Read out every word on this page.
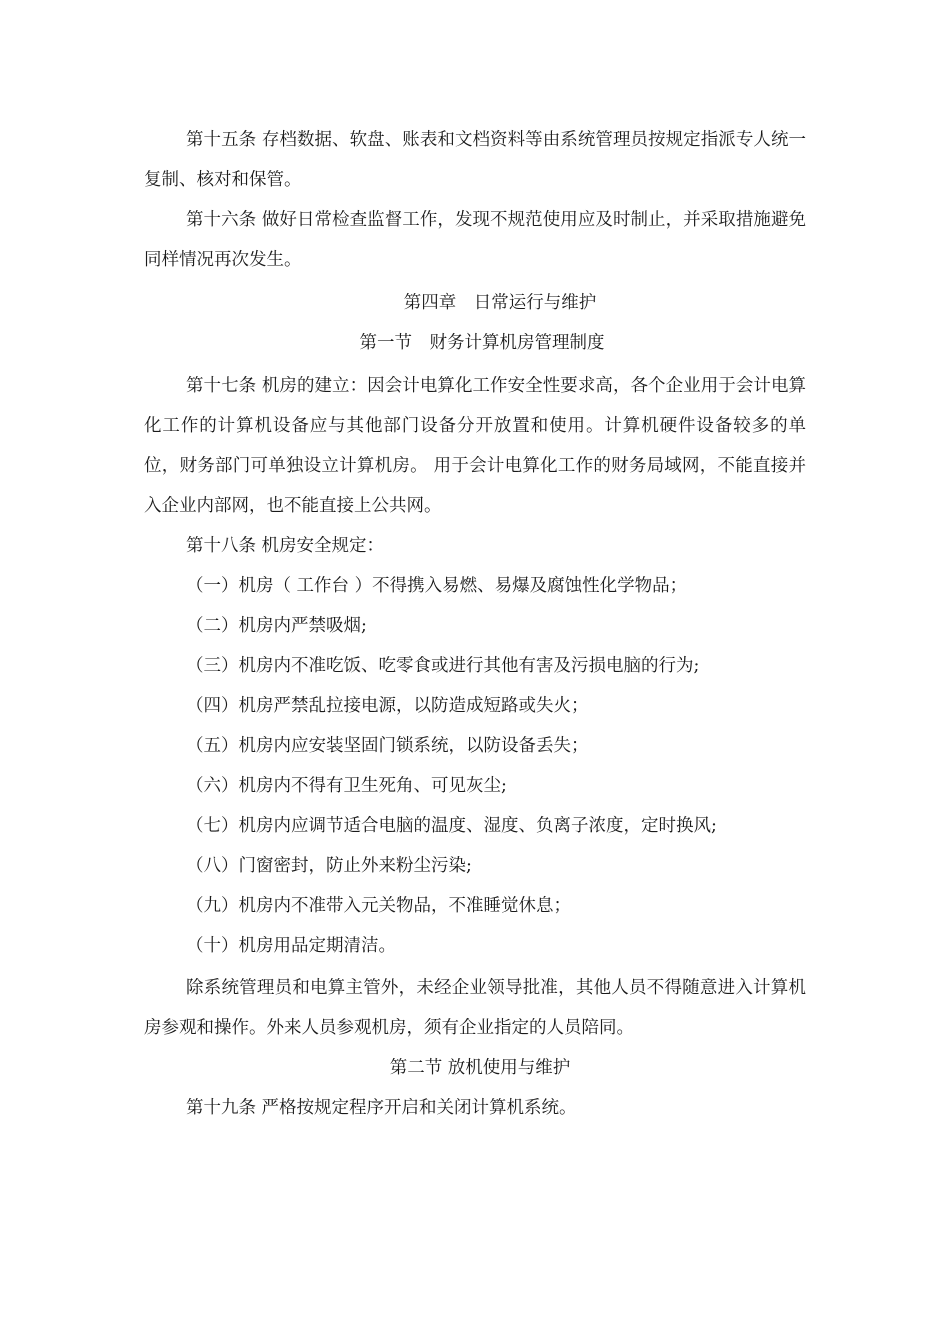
第十五条 存档数据、软盘、账表和文档资料等由系统管理员按规定指派专人统一复制、核对和保管。

第十六条 做好日常检查监督工作，发现不规范使用应及时制止，并采取措施避免同样情况再次发生。

第四章　日常运行与维护

第一节　财务计算机房管理制度

第十七条 机房的建立：因会计电算化工作安全性要求高，各个企业用于会计电算化工作的计算机设备应与其他部门设备分开放置和使用。计算机硬件设备较多的单位，财务部门可单独设立计算机房。 用于会计电算化工作的财务局域网，不能直接并入企业内部网，也不能直接上公共网。

第十八条 机房安全规定：

（一）机房（ 工作台 ）不得携入易燃、易爆及腐蚀性化学物品；

（二）机房内严禁吸烟;

（三）机房内不准吃饭、吃零食或进行其他有害及污损电脑的行为;

（四）机房严禁乱拉接电源，以防造成短路或失火；

（五）机房内应安装坚固门锁系统，以防设备丢失；

（六）机房内不得有卫生死角、可见灰尘;

（七）机房内应调节适合电脑的温度、湿度、负离子浓度，定时换风;

（八）门窗密封，防止外来粉尘污染;

（九）机房内不准带入元关物品，不准睡觉休息；

（十）机房用品定期清洁。

除系统管理员和电算主管外，未经企业领导批准，其他人员不得随意进入计算机房参观和操作。外来人员参观机房，须有企业指定的人员陪同。

第二节 放机使用与维护

第十九条 严格按规定程序开启和关闭计算机系统。
